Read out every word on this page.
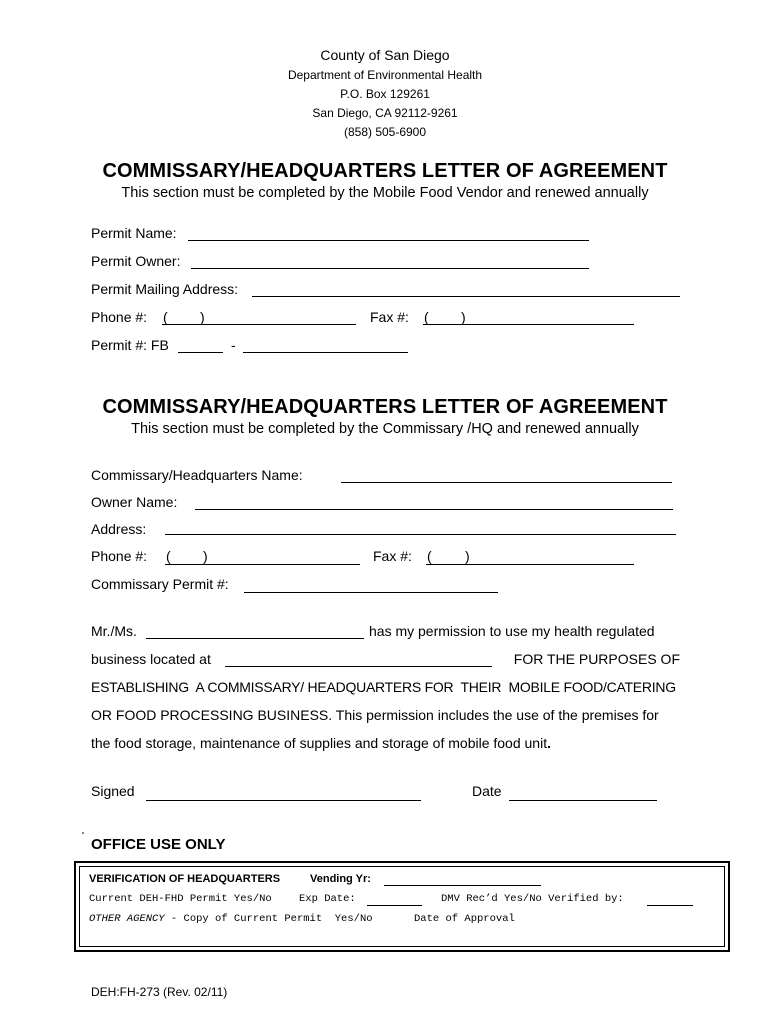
County of San Diego
Department of Environmental Health
P.O. Box 129261
San Diego, CA 92112-9261
(858) 505-6900
COMMISSARY/HEADQUARTERS LETTER OF AGREEMENT
This section must be completed by the Mobile Food Vendor and renewed annually
Permit Name:
Permit Owner:
Permit Mailing Address:
Phone #: ( )	Fax #: ( )
Permit #: FB	-
COMMISSARY/HEADQUARTERS LETTER OF AGREEMENT
This section must be completed by the Commissary /HQ and renewed annually
Commissary/Headquarters Name:
Owner Name:
Address:
Phone #: ( )	Fax #: ( )
Commissary Permit #:
Mr./Ms.	has my permission to use my health regulated
business located at	FOR THE PURPOSES OF
ESTABLISHING  A COMMISSARY/ HEADQUARTERS FOR  THEIR  MOBILE FOOD/CATERING
OR FOOD PROCESSING BUSINESS. This permission includes the use of the premises for
the food storage, maintenance of supplies and storage of mobile food unit.
Signed	Date
OFFICE USE ONLY
VERIFICATION OF HEADQUARTERS	Vending Yr:
Current DEH-FHD Permit Yes/No	Exp Date:	DMV Rec’d Yes/No Verified by:
OTHER AGENCY - Copy of Current Permit  Yes/No	Date of Approval
DEH:FH-273 (Rev. 02/11)
